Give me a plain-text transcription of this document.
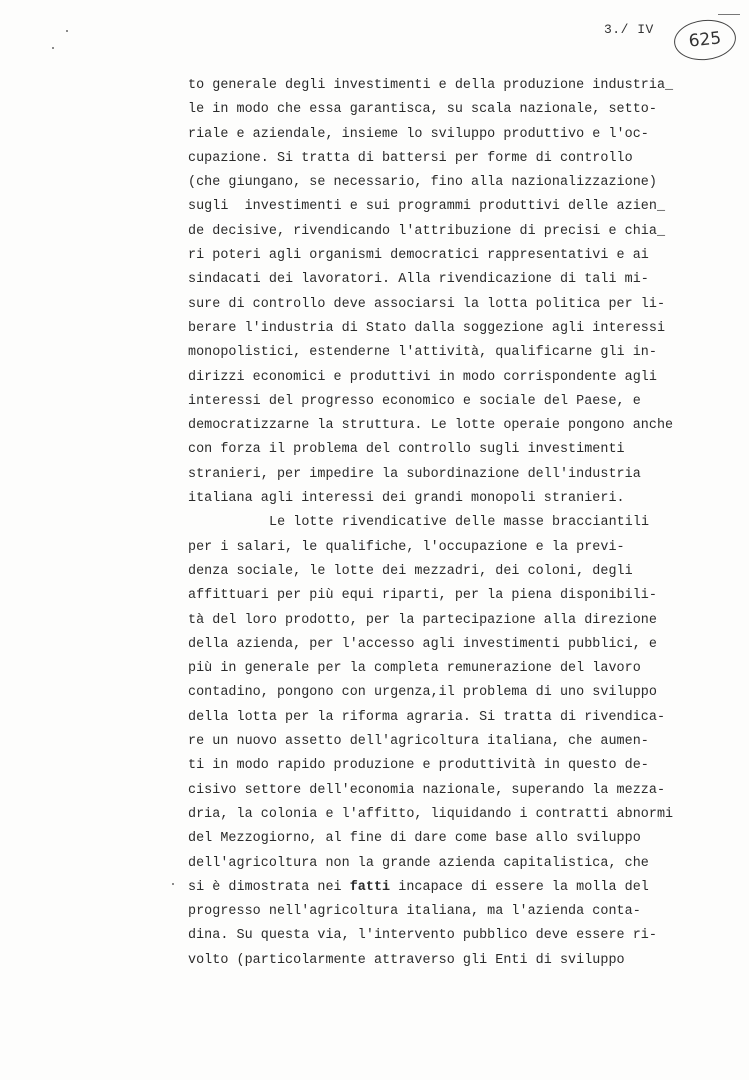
3./ IV	625
to generale degli investimenti e della produzione industria_
le in modo che essa garantisca, su scala nazionale, setto-
riale e aziendale, insieme lo sviluppo produttivo e l'oc-
cupazione. Si tratta di battersi per forme di controllo
(che giungano, se necessario, fino alla nazionalizzazione)
sugli  investimenti e sui programmi produttivi delle azien_
de decisive, rivendicando l'attribuzione di precisi e chia_
ri poteri agli organismi democratici rappresentativi e ai
sindacati dei lavoratori. Alla rivendicazione di tali mi-
sure di controllo deve associarsi la lotta politica per li-
berare l'industria di Stato dalla soggezione agli interessi
monopolistici, estenderne l'attività, qualificarne gli in-
dirizzi economici e produttivi in modo corrispondente agli
interessi del progresso economico e sociale del Paese, e
democratizzarne la struttura. Le lotte operaie pongono anche
con forza il problema del controllo sugli investimenti
stranieri, per impedire la subordinazione dell'industria
italiana agli interessi dei grandi monopoli stranieri.
Le lotte rivendicative delle masse bracciantili
per i salari, le qualifiche, l'occupazione e la previ-
denza sociale, le lotte dei mezzadri, dei coloni, degli
affittuari per più equi riparti, per la piena disponibili-
tà del loro prodotto, per la partecipazione alla direzione
della azienda, per l'accesso agli investimenti pubblici, e
più in generale per la completa remunerazione del lavoro
contadino, pongono con urgenza,il problema di uno sviluppo
della lotta per la riforma agraria. Si tratta di rivendica-
re un nuovo assetto dell'agricoltura italiana, che aumen-
ti in modo rapido produzione e produttività in questo de-
cisivo settore dell'economia nazionale, superando la mezza-
dria, la colonia e l'affitto, liquidando i contratti abnormi
del Mezzogiorno, al fine di dare come base allo sviluppo
dell'agricoltura non la grande azienda capitalistica, che
si è dimostrata nei fatti incapace di essere la molla del
progresso nell'agricoltura italiana, ma l'azienda conta-
dina. Su questa via, l'intervento pubblico deve essere ri-
volto (particolarmente attraverso gli Enti di sviluppo
